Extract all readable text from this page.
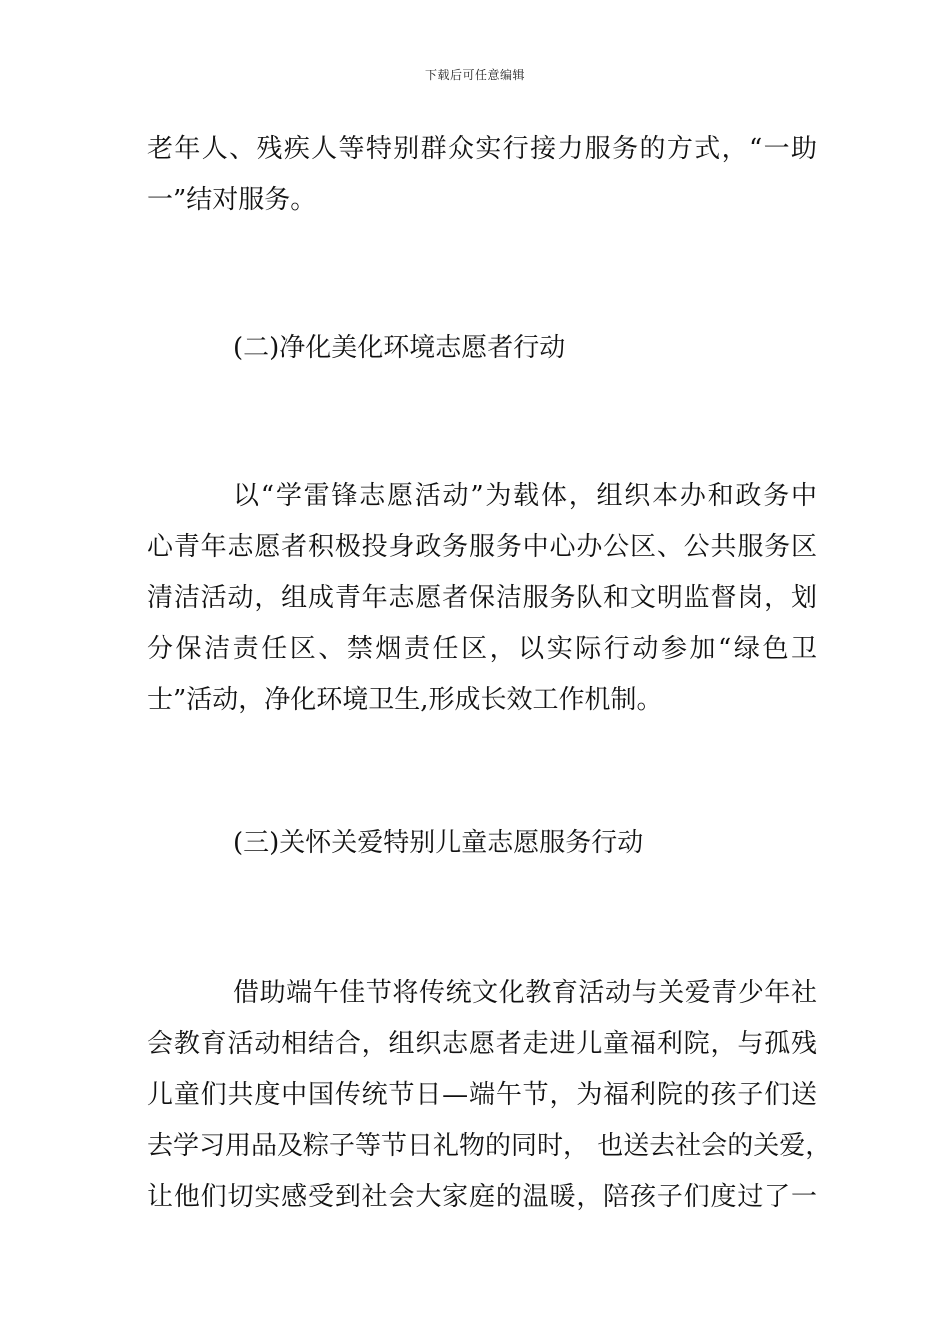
下载后可任意编辑
老年人、残疾人等特别群众实行接力服务的方式，“一助
一”结对服务。
(二)净化美化环境志愿者行动
以“学雷锋志愿活动”为载体，组织本办和政务中
心青年志愿者积极投身政务服务中心办公区、公共服务区
清洁活动，组成青年志愿者保洁服务队和文明监督岗，划
分保洁责任区、禁烟责任区，以实际行动参加“绿色卫
士”活动，净化环境卫生,形成长效工作机制。
(三)关怀关爱特别儿童志愿服务行动
借助端午佳节将传统文化教育活动与关爱青少年社
会教育活动相结合，组织志愿者走进儿童福利院，与孤残
儿童们共度中国传统节日—端午节，为福利院的孩子们送
去学习用品及粽子等节日礼物的同时， 也送去社会的关爱，
让他们切实感受到社会大家庭的温暖，陪孩子们度过了一
